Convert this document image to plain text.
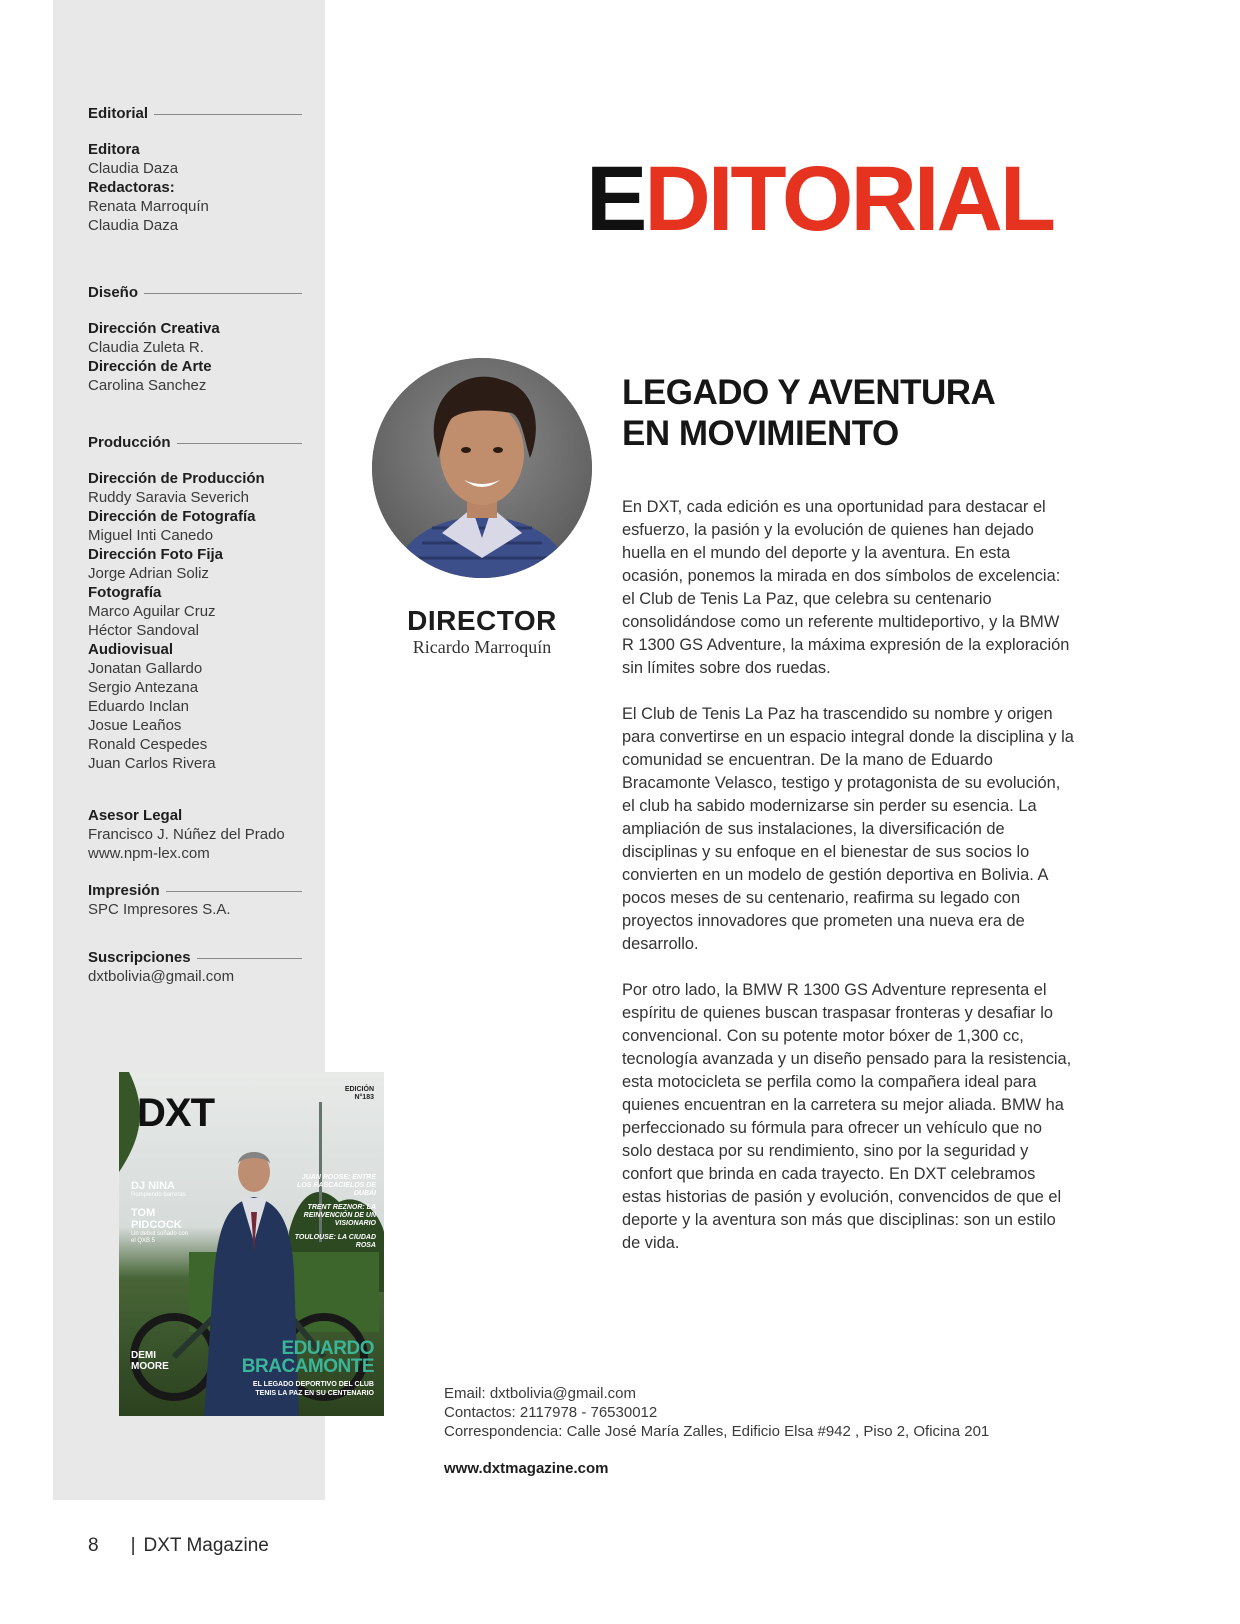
Editorial
Editora
Claudia Daza
Redactoras:
Renata Marroquín
Claudia Daza
Diseño
Dirección Creativa
Claudia Zuleta R.
Dirección de Arte
Carolina Sanchez
Producción
Dirección de Producción
Ruddy Saravia Severich
Dirección de Fotografía
Miguel Inti Canedo
Dirección Foto Fija
Jorge Adrian Soliz
Fotografía
Marco Aguilar Cruz
Héctor Sandoval
Audiovisual
Jonatan Gallardo
Sergio Antezana
Eduardo Inclan
Josue Leaños
Ronald Cespedes
Juan Carlos Rivera
Asesor Legal
Francisco J. Núñez del Prado
www.npm-lex.com
Impresión
SPC Impresores S.A.
Suscripciones
dxtbolivia@gmail.com
EDITORIAL
DIRECTOR
Ricardo Marroquín
LEGADO Y AVENTURA
EN MOVIMIENTO

En DXT, cada edición es una oportunidad para destacar el esfuerzo, la pasión y la evolución de quienes han dejado huella en el mundo del deporte y la aventura. En esta ocasión, ponemos la mirada en dos símbolos de excelencia: el Club de Tenis La Paz, que celebra su centenario consolidándose como un referente multideportivo, y la BMW R 1300 GS Adventure, la máxima expresión de la exploración sin límites sobre dos ruedas.

El Club de Tenis La Paz ha trascendido su nombre y origen para convertirse en un espacio integral donde la disciplina y la comunidad se encuentran. De la mano de Eduardo Bracamonte Velasco, testigo y protagonista de su evolución, el club ha sabido modernizarse sin perder su esencia. La ampliación de sus instalaciones, la diversificación de disciplinas y su enfoque en el bienestar de sus socios lo convierten en un modelo de gestión deportiva en Bolivia. A pocos meses de su centenario, reafirma su legado con proyectos innovadores que prometen una nueva era de desarrollo.

Por otro lado, la BMW R 1300 GS Adventure representa el espíritu de quienes buscan traspasar fronteras y desafiar lo convencional. Con su potente motor bóxer de 1,300 cc, tecnología avanzada y un diseño pensado para la resistencia, esta motocicleta se perfila como la compañera ideal para quienes encuentran en la carretera su mejor aliada. BMW ha perfeccionado su fórmula para ofrecer un vehículo que no solo destaca por su rendimiento, sino por la seguridad y confort que brinda en cada trayecto. En DXT celebramos estas historias de pasión y evolución, convencidos de que el deporte y la aventura son más que disciplinas: son un estilo de vida.

DXT
EDICIÓN
N°183
DJ NINA
Rompiendo barreras
TOM PIDCOCK
Un debut soñado con el QXB 5
JUAN ROOSE: ENTRE LOS RASCACIELOS DE DUBÁI
TRENT REZNOR: LA REINVENCIÓN DE UN VISIONARIO
TOULOUSE: LA CIUDAD ROSA
DEMI MOORE
EDUARDO
BRACAMONTE
EL LEGADO DEPORTIVO DEL CLUB
TENIS LA PAZ EN SU CENTENARIO	Email: dxtbolivia@gmail.com
Contactos: 2117978 - 76530012
Correspondencia: Calle José María Zalles, Edificio Elsa #942 , Piso 2, Oficina 201
www.dxtmagazine.com
8 | DXT Magazine
